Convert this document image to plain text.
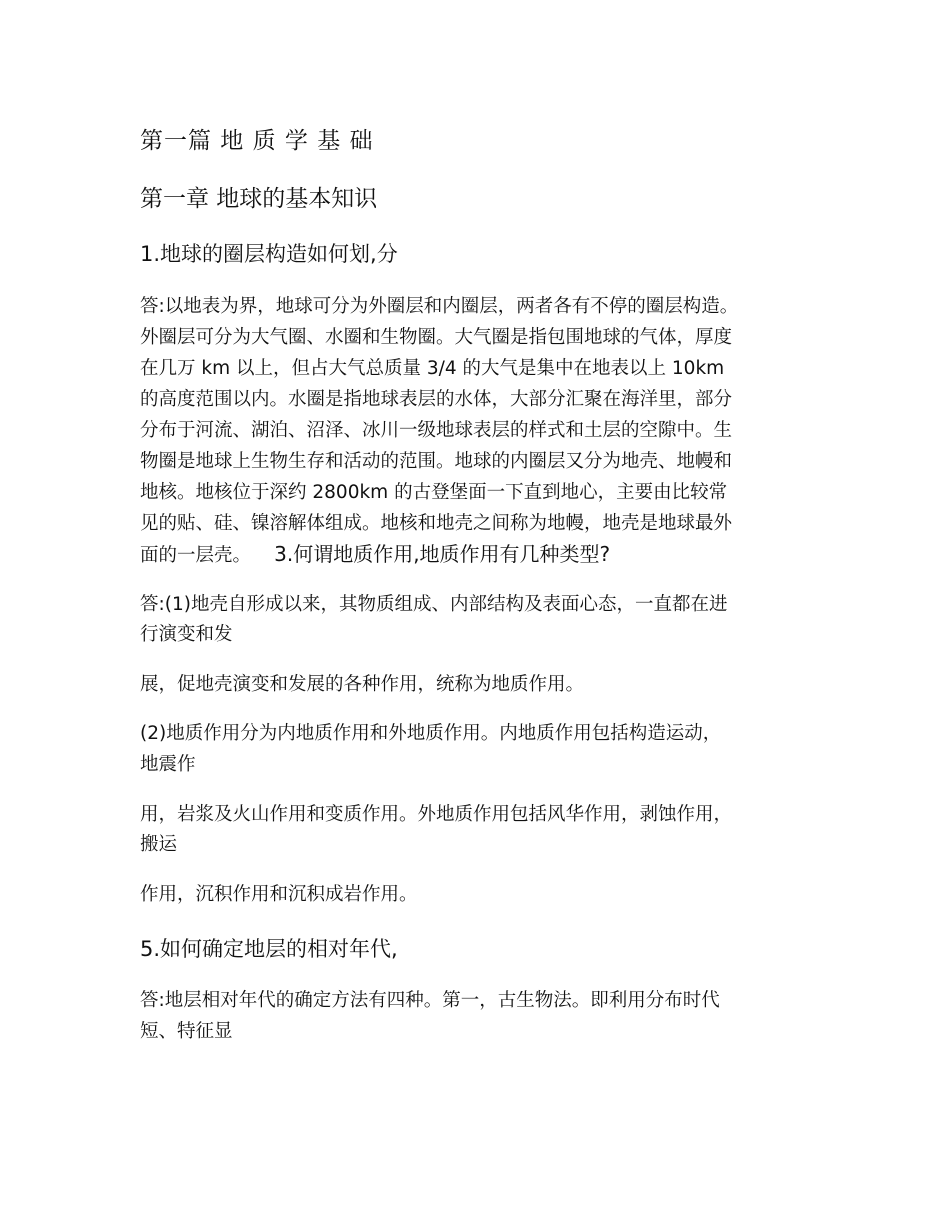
第一篇 地 质 学 基 础
第一章 地球的基本知识
1.地球的圈层构造如何划,分
答:以地表为界，地球可分为外圈层和内圈层，两者各有不停的圈层构造。
外圈层可分为大气圈、水圈和生物圈。大气圈是指包围地球的气体，厚度
在几万 km 以上，但占大气总质量 3/4 的大气是集中在地表以上 10km
的高度范围以内。水圈是指地球表层的水体，大部分汇聚在海洋里，部分
分布于河流、湖泊、沼泽、冰川一级地球表层的样式和土层的空隙中。生
物圈是地球上生物生存和活动的范围。地球的内圈层又分为地壳、地幔和
地核。地核位于深约 2800km 的古登堡面一下直到地心，主要由比较常
见的贴、硅、镍溶解体组成。地核和地壳之间称为地幔，地壳是地球最外
面的一层壳。 3.何谓地质作用,地质作用有几种类型?
答:(1)地壳自形成以来，其物质组成、内部结构及表面心态，一直都在进
行演变和发
展，促地壳演变和发展的各种作用，统称为地质作用。
(2)地质作用分为内地质作用和外地质作用。内地质作用包括构造运动，
地震作
用，岩浆及火山作用和变质作用。外地质作用包括风华作用，剥蚀作用，
搬运
作用，沉积作用和沉积成岩作用。
5.如何确定地层的相对年代,
答:地层相对年代的确定方法有四种。第一，古生物法。即利用分布时代
短、特征显
